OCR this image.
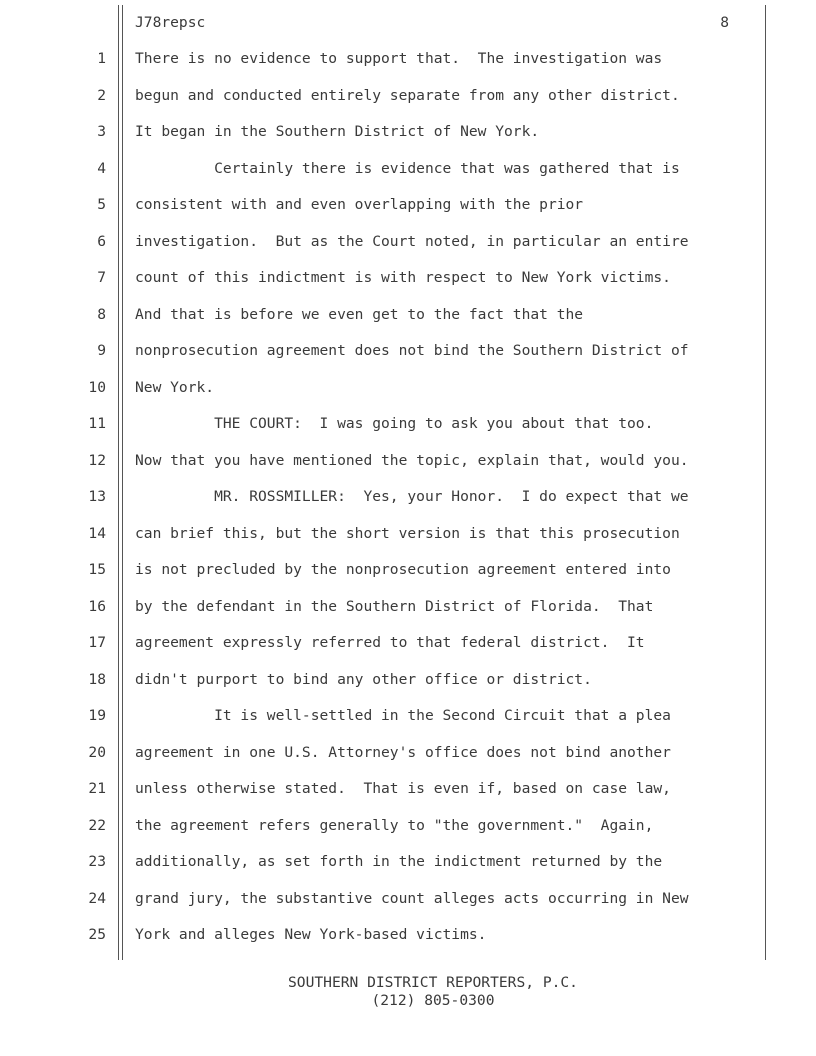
J78repsc	8
1 There is no evidence to support that.  The investigation was
2 begun and conducted entirely separate from any other district.
3 It began in the Southern District of New York.
4 Certainly there is evidence that was gathered that is
5 consistent with and even overlapping with the prior
6 investigation.  But as the Court noted, in particular an entire
7 count of this indictment is with respect to New York victims.
8 And that is before we even get to the fact that the
9 nonprosecution agreement does not bind the Southern District of
10 New York.
11 THE COURT:  I was going to ask you about that too.
12 Now that you have mentioned the topic, explain that, would you.
13 MR. ROSSMILLER:  Yes, your Honor.  I do expect that we
14 can brief this, but the short version is that this prosecution
15 is not precluded by the nonprosecution agreement entered into
16 by the defendant in the Southern District of Florida.  That
17 agreement expressly referred to that federal district.  It
18 didn't purport to bind any other office or district.
19 It is well-settled in the Second Circuit that a plea
20 agreement in one U.S. Attorney's office does not bind another
21 unless otherwise stated.  That is even if, based on case law,
22 the agreement refers generally to "the government."  Again,
23 additionally, as set forth in the indictment returned by the
24 grand jury, the substantive count alleges acts occurring in New
25 York and alleges New York-based victims.
SOUTHERN DISTRICT REPORTERS, P.C.
(212) 805-0300
